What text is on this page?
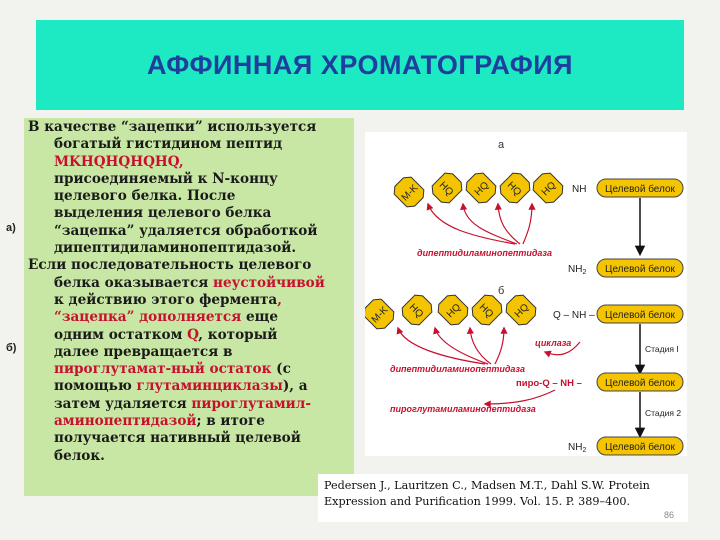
АФФИННАЯ ХРОМАТОГРАФИЯ
В качестве “зацепки” используется
богатый гистидином пептид
MKHQHQHQHQ,
присоединяемый к N-концу
целевого белка. После
выделения целевого белка
“зацепка” удаляется обработкой
дипептидиламинопептидазой.
Если последовательность целевого
белка оказывается неустойчивой
к действию этого фермента,
“зацепка” дополняется еще
одним остатком Q, который
далее превращается в
пироглутамат-ный остаток (с
помощью глутаминциклазы), а
затем удаляется пироглутамил-
аминопептидазой; в итоге
получается нативный целевой
белок.
а)
б)
а
M-K HQ HQ HQ HQ NH Целевой белок
дипептидиламинопептидаза
$NH_2$ Целевой белок
б
M-K HQ HQ HQ HQ Q – NH – Целевой белок
циклаза
Стадия I
дипептидиламинопептидаза
пиро-Q – NH – Целевой белок
пироглутамиламинопептидаза	Стадия 2
$NH_2$ Целевой белок
Pedersen J., Lauritzen C., Madsen M.T., Dahl S.W. Protein
Expression and Purification 1999. Vol. 15. P. 389–400.
86
